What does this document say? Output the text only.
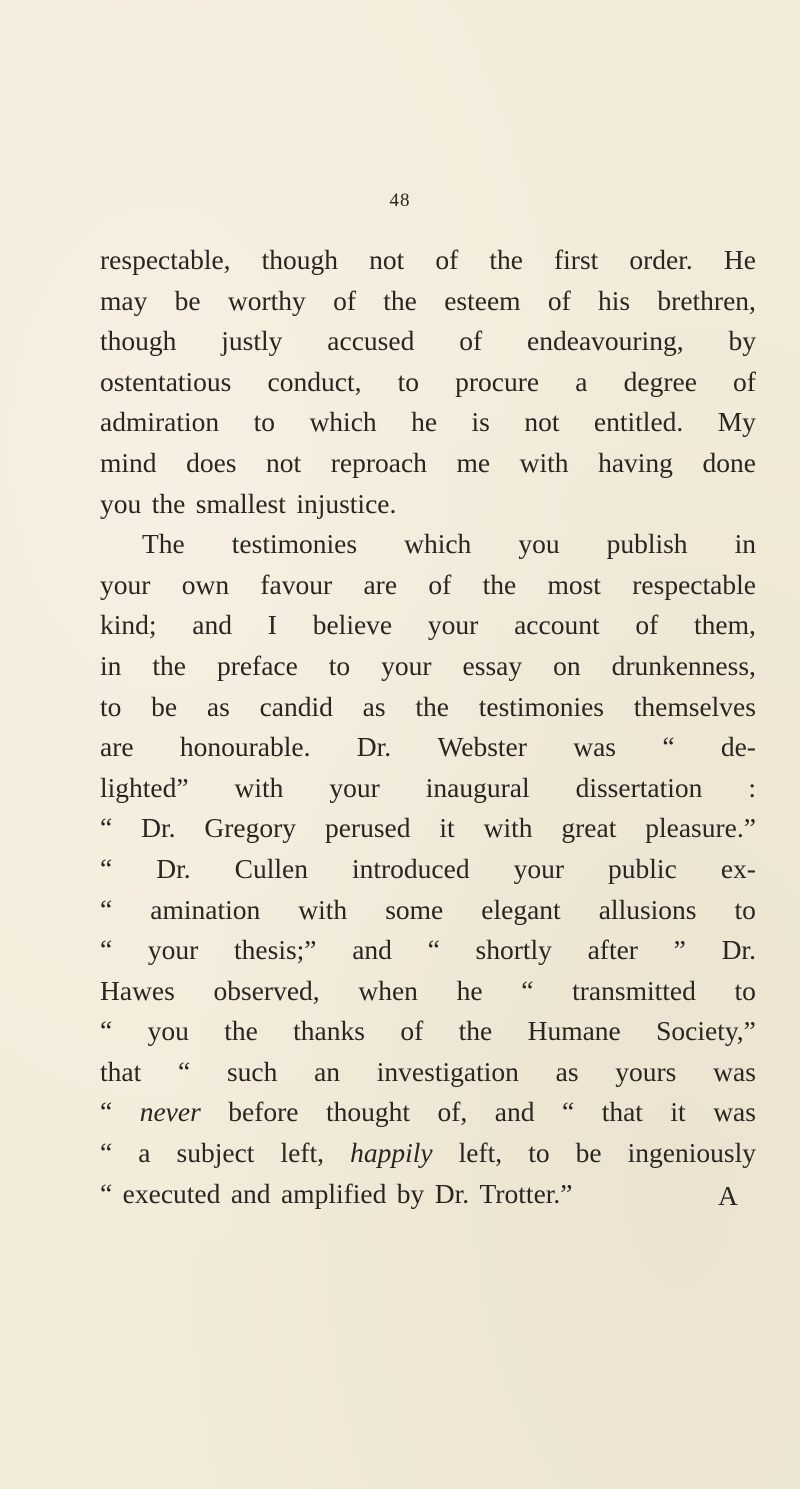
48
respectable, though not of the first order. He
may be worthy of the esteem of his brethren,
though justly accused of endeavouring, by
ostentatious conduct, to procure a degree of
admiration to which he is not entitled. My
mind does not reproach me with having done
you the smallest injustice.
The testimonies which you publish in
your own favour are of the most respectable
kind; and I believe your account of them,
in the preface to your essay on drunkenness,
to be as candid as the testimonies themselves
are honourable. Dr. Webster was “ de-
lighted” with your inaugural dissertation :
“ Dr. Gregory perused it with great pleasure.”
“ Dr. Cullen introduced your public ex-
“ amination with some elegant allusions to
“ your thesis;” and “ shortly after ” Dr.
Hawes observed, when he “ transmitted to
“ you the thanks of the Humane Society,”
that “ such an investigation as yours was
“ never before thought of, and “ that it was
“ a subject left, happily left, to be ingeniously
“ executed and amplified by Dr. Trotter.”	A
